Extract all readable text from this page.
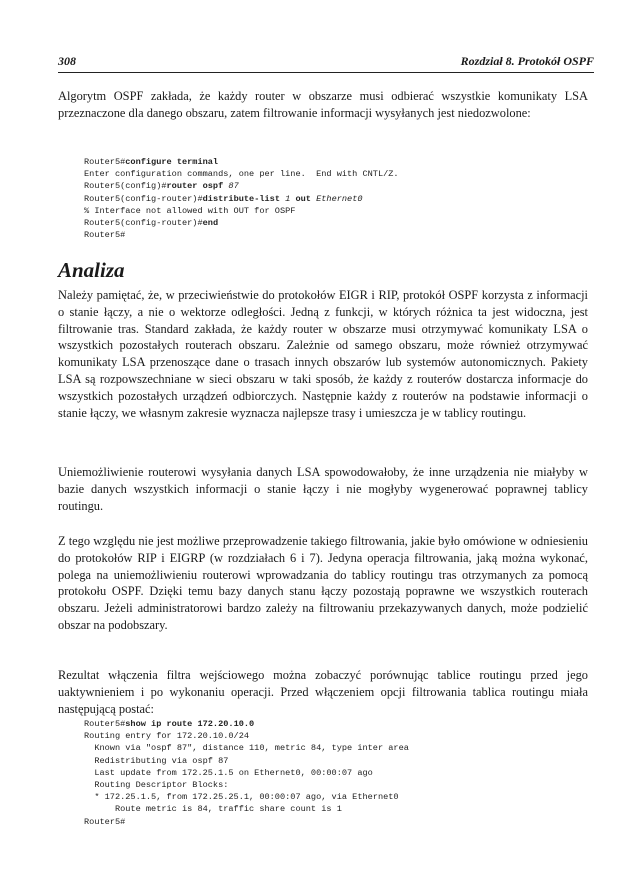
308	Rozdział 8. Protokół OSPF

Algorytm OSPF zakłada, że każdy router w obszarze musi odbierać wszystkie komunikaty LSA przeznaczone dla danego obszaru, zatem filtrowanie informacji wysyłanych jest niedozwolone:

Router5#configure terminal
Enter configuration commands, one per line.  End with CNTL/Z.
Router5(config)#router ospf 87
Router5(config-router)#distribute-list 1 out Ethernet0
% Interface not allowed with OUT for OSPF
Router5(config-router)#end
Router5#

Analiza

Należy pamiętać, że, w przeciwieństwie do protokołów EIGR i RIP, protokół OSPF korzysta z informacji o stanie łączy, a nie o wektorze odległości. Jedną z funkcji, w których różnica ta jest widoczna, jest filtrowanie tras. Standard zakłada, że każdy router w obszarze musi otrzymywać komunikaty LSA o wszystkich pozostałych routerach obszaru. Zależnie od samego obszaru, może również otrzymywać komunikaty LSA przenoszące dane o trasach innych obszarów lub systemów autonomicznych. Pakiety LSA są rozpowszechniane w sieci obszaru w taki sposób, że każdy z routerów dostarcza informacje do wszystkich pozostałych urządzeń odbiorczych. Następnie każdy z routerów na podstawie informacji o stanie łączy, we własnym zakresie wyznacza najlepsze trasy i umieszcza je w tablicy routingu.

Uniemożliwienie routerowi wysyłania danych LSA spowodowałoby, że inne urządzenia nie miałyby w bazie danych wszystkich informacji o stanie łączy i nie mogłyby wygenerować poprawnej tablicy routingu.

Z tego względu nie jest możliwe przeprowadzenie takiego filtrowania, jakie było omówione w odniesieniu do protokołów RIP i EIGRP (w rozdziałach 6 i 7). Jedyna operacja filtrowania, jaką można wykonać, polega na uniemożliwieniu routerowi wprowadzania do tablicy routingu tras otrzymanych za pomocą protokołu OSPF. Dzięki temu bazy danych stanu łączy pozostają poprawne we wszystkich routerach obszaru. Jeżeli administratorowi bardzo zależy na filtrowaniu przekazywanych danych, może podzielić obszar na podobszary.

Rezultat włączenia filtra wejściowego można zobaczyć porównując tablice routingu przed jego uaktywnieniem i po wykonaniu operacji. Przed włączeniem opcji filtrowania tablica routingu miała następującą postać:

Router5#show ip route 172.20.10.0
Routing entry for 172.20.10.0/24
Known via "ospf 87", distance 110, metric 84, type inter area
Redistributing via ospf 87
Last update from 172.25.1.5 on Ethernet0, 00:00:07 ago
Routing Descriptor Blocks:
* 172.25.1.5, from 172.25.25.1, 00:00:07 ago, via Ethernet0
Route metric is 84, traffic share count is 1
Router5#
